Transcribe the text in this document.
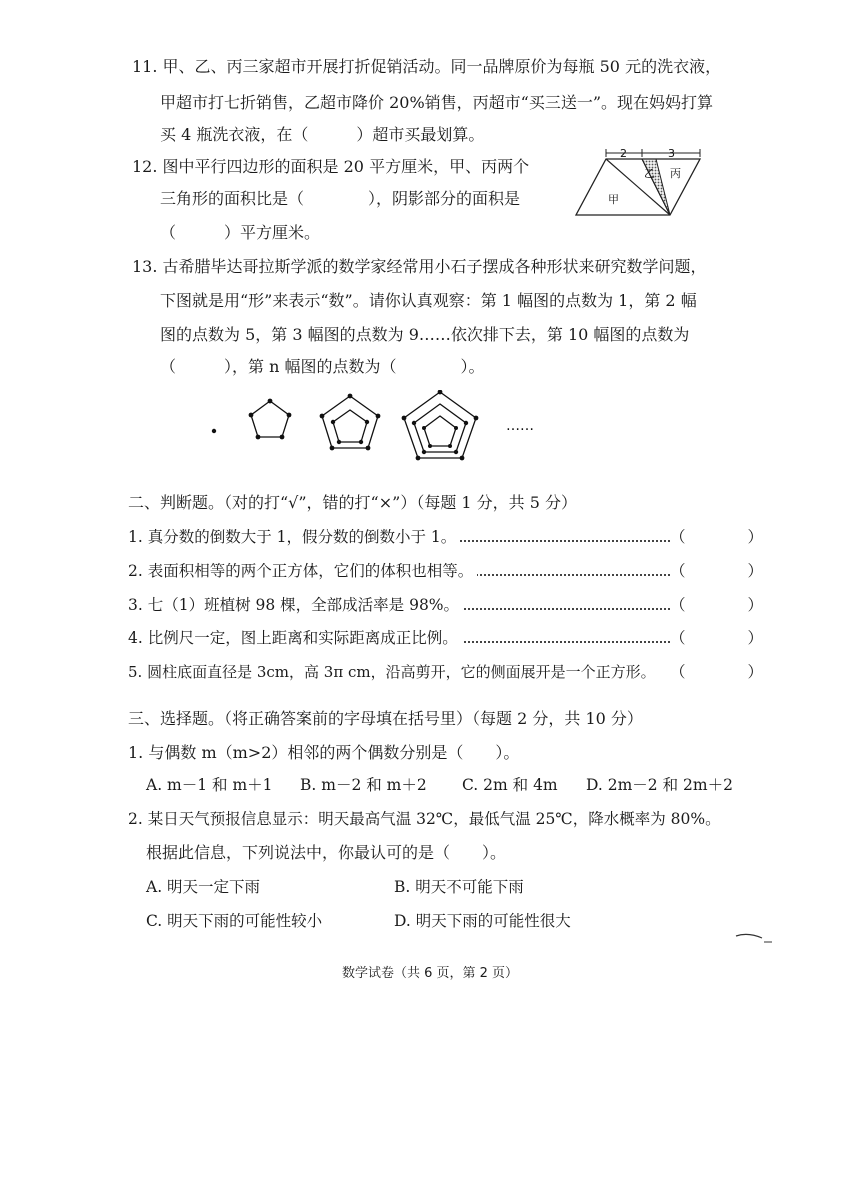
11. 甲、乙、丙三家超市开展打折促销活动。同一品牌原价为每瓶 50 元的洗衣液，
甲超市打七折销售，乙超市降价 20%销售，丙超市“买三送一”。现在妈妈打算
买 4 瓶洗衣液，在（　　　）超市买最划算。
12. 图中平行四边形的面积是 20 平方厘米，甲、丙两个
三角形的面积比是（　　　　），阴影部分的面积是
（　　　）平方厘米。
2	3
甲
乙 丙
13. 古希腊毕达哥拉斯学派的数学家经常用小石子摆成各种形状来研究数学问题，
下图就是用“形”来表示“数”。请你认真观察：第 1 幅图的点数为 1，第 2 幅
图的点数为 5，第 3 幅图的点数为 9……依次排下去，第 10 幅图的点数为
（　　　），第 n 幅图的点数为（　　　　）。
……
二、判断题。（对的打“√”，错的打“×”）（每题 1 分，共 5 分）
1. 真分数的倒数大于 1，假分数的倒数小于 1。	（　　　　）
2. 表面积相等的两个正方体，它们的体积也相等。	（　　　　）
3. 七（1）班植树 98 棵，全部成活率是 98%。	（　　　　）
4. 比例尺一定，图上距离和实际距离成正比例。	（　　　　）
5. 圆柱底面直径是 3cm，高 3π cm，沿高剪开，它的侧面展开是一个正方形。 （　　　　）
三、选择题。（将正确答案前的字母填在括号里）（每题 2 分，共 10 分）
1. 与偶数 m（m>2）相邻的两个偶数分别是（　　）。
A. m－1 和 m＋1 B. m－2 和 m＋2 C. 2m 和 4m D. 2m－2 和 2m＋2
2. 某日天气预报信息显示：明天最高气温 32℃，最低气温 25℃，降水概率为 80%。
根据此信息，下列说法中，你最认可的是（　　）。
A. 明天一定下雨	B. 明天不可能下雨
C. 明天下雨的可能性较小	D. 明天下雨的可能性很大
数学试卷（共 6 页，第 2 页）
